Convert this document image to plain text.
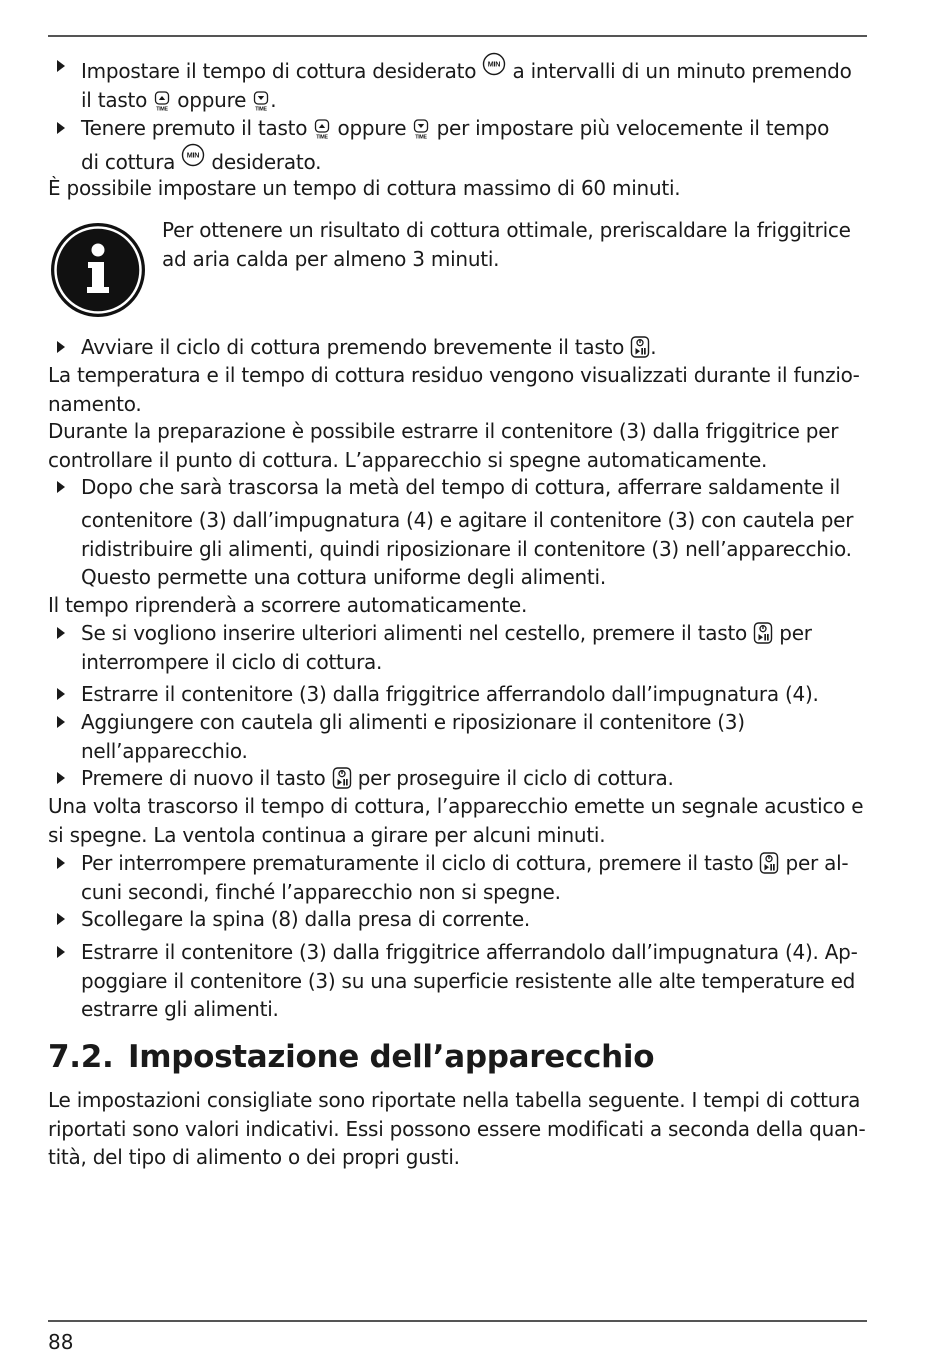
Impostare il tempo di cottura desiderato
a intervalli di un minuto premendo
il tasto
oppure
.
Tenere premuto il tasto
oppure
per impostare più velocemente il tempo
di cottura
desiderato.
È possibile impostare un tempo di cottura massimo di 60 minuti.
Per ottenere un risultato di cottura ottimale, preriscaldare la friggitrice ad aria calda per almeno 3 minuti.
Avviare il ciclo di cottura premendo brevemente il tasto
.
La temperatura e il tempo di cottura residuo vengono visualizzati durante il funzionamento.
Durante la preparazione è possibile estrarre il contenitore (3) dalla friggitrice per controllare il punto di cottura. L’apparecchio si spegne automaticamente.
Dopo che sarà trascorsa la metà del tempo di cottura, afferrare saldamente il
contenitore (3) dall’impugnatura (4) e agitare il contenitore (3) con cautela per ridistribuire gli alimenti, quindi riposizionare il contenitore (3) nell’apparecchio. Questo permette una cottura uniforme degli alimenti.
Il tempo riprenderà a scorrere automaticamente.
Se si vogliono inserire ulteriori alimenti nel cestello, premere il tasto
per interrompere il ciclo di cottura.
Estrarre il contenitore (3) dalla friggitrice afferrandolo dall’impugnatura (4).
Aggiungere con cautela gli alimenti e riposizionare il contenitore (3) nell’apparecchio.
Premere di nuovo il tasto
per proseguire il ciclo di cottura.
Una volta trascorso il tempo di cottura, l’apparecchio emette un segnale acustico e si spegne. La ventola continua a girare per alcuni minuti.
Per interrompere prematuramente il ciclo di cottura, premere il tasto
per alcuni secondi, finché l’apparecchio non si spegne.
Scollegare la spina (8) dalla presa di corrente.
Estrarre il contenitore (3) dalla friggitrice afferrandolo dall’impugnatura (4). Appoggiare il contenitore (3) su una superficie resistente alle alte temperature ed estrarre gli alimenti.
7.2. Impostazione dell’apparecchio
Le impostazioni consigliate sono riportate nella tabella seguente. I tempi di cottura riportati sono valori indicativi. Essi possono essere modificati a seconda della quantità, del tipo di alimento o dei propri gusti.
88
